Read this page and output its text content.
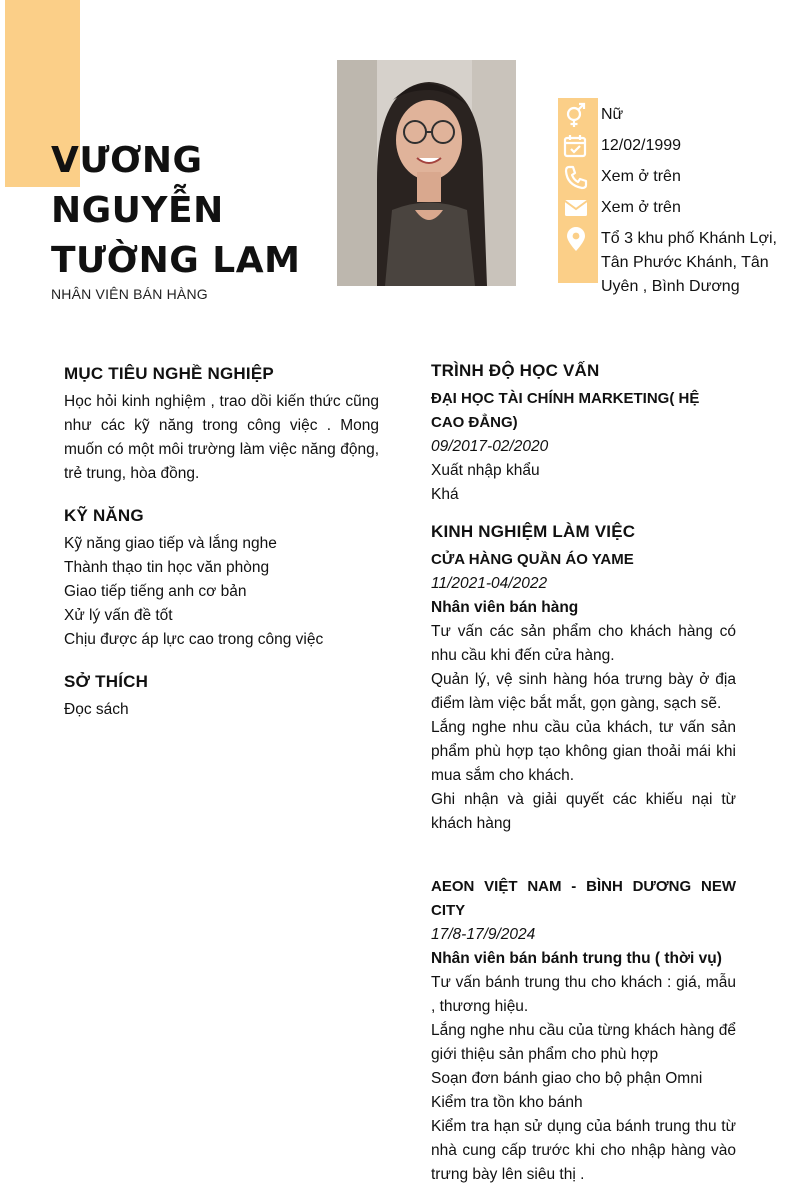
VƯƠNG
NGUYỄN
TƯỜNG LAM
NHÂN VIÊN BÁN HÀNG
Nữ
12/02/1999
Xem ở trên
Xem ở trên
Tổ 3 khu phố Khánh Lợi, Tân Phước Khánh, Tân Uyên , Bình Dương
MỤC TIÊU NGHỀ NGHIỆP
Học hỏi kinh nghiệm , trao dồi kiến thức cũng như các kỹ năng trong công việc . Mong muốn có một môi trường làm việc năng động, trẻ trung, hòa đồng.
KỸ NĂNG
Kỹ năng giao tiếp và lắng nghe
Thành thạo tin học văn phòng
Giao tiếp tiếng anh cơ bản
Xử lý vấn đề tốt
Chịu được áp lực cao trong công việc
SỞ THÍCH
Đọc sách
TRÌNH ĐỘ HỌC VẤN
ĐẠI HỌC TÀI CHÍNH MARKETING( HỆ CAO ĐẲNG)
09/2017-02/2020
Xuất nhập khẩu
Khá
KINH NGHIỆM LÀM VIỆC
CỬA HÀNG QUẦN ÁO YAME
11/2021-04/2022
Nhân viên bán hàng
Tư vấn các sản phẩm cho khách hàng có nhu cầu khi đến cửa hàng.
Quản lý, vệ sinh hàng hóa trưng bày ở địa điểm làm việc bắt mắt, gọn gàng, sạch sẽ.
Lắng nghe nhu cầu của khách, tư vấn sản phẩm phù hợp tạo không gian thoải mái khi mua sắm cho khách.
Ghi nhận và giải quyết các khiếu nại từ khách hàng
AEON VIỆT NAM - BÌNH DƯƠNG NEW CITY
17/8-17/9/2024
Nhân viên bán bánh trung thu ( thời vụ)
Tư vấn bánh trung thu cho khách : giá, mẫu , thương hiệu.
Lắng nghe nhu cầu của từng khách hàng để giới thiệu sản phẩm cho phù hợp
Soạn đơn bánh giao cho bộ phận Omni
Kiểm tra tồn kho bánh
Kiểm tra hạn sử dụng của bánh trung thu từ nhà cung cấp trước khi cho nhập hàng vào trưng bày lên siêu thị .
